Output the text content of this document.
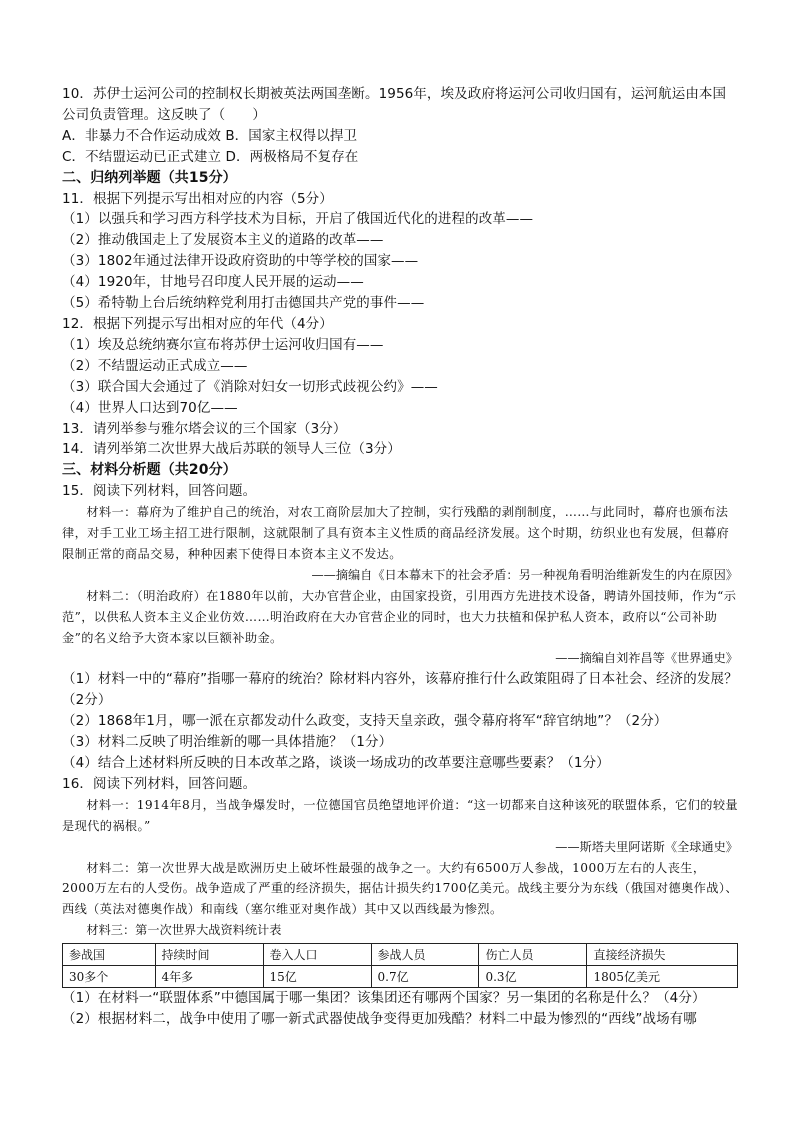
10．苏伊士运河公司的控制权长期被英法两国垄断。1956年，埃及政府将运河公司收归国有，运河航运由本国公司负责管理。这反映了（　　）
A．非暴力不合作运动成效 B．国家主权得以捍卫
C．不结盟运动已正式建立 D．两极格局不复存在
二、归纳列举题（共15分）
11．根据下列提示写出相对应的内容（5分）
（1）以强兵和学习西方科学技术为目标，开启了俄国近代化的进程的改革——
（2）推动俄国走上了发展资本主义的道路的改革——
（3）1802年通过法律开设政府资助的中等学校的国家——
（4）1920年，甘地号召印度人民开展的运动——
（5）希特勒上台后统纳粹党利用打击德国共产党的事件——
12．根据下列提示写出相对应的年代（4分）
（1）埃及总统纳赛尔宣布将苏伊士运河收归国有——
（2）不结盟运动正式成立——
（3）联合国大会通过了《消除对妇女一切形式歧视公约》——
（4）世界人口达到70亿——
13．请列举参与雅尔塔会议的三个国家（3分）
14．请列举第二次世界大战后苏联的领导人三位（3分）
三、材料分析题（共20分）
15．阅读下列材料，回答问题。
材料一：幕府为了维护自己的统治，对农工商阶层加大了控制，实行残酷的剥削制度，……与此同时，幕府也颁布法律，对手工业工场主招工进行限制，这就限制了具有资本主义性质的商品经济发展。这个时期，纺织业也有发展，但幕府限制正常的商品交易，种种因素下使得日本资本主义不发达。
——摘编自《日本幕末下的社会矛盾：另一种视角看明治维新发生的内在原因》
材料二：（明治政府）在1880年以前，大办官营企业，由国家投资，引用西方先进技术设备，聘请外国技师，作为“示范”，以供私人资本主义企业仿效……明治政府在大办官营企业的同时，也大力扶植和保护私人资本，政府以“公司补助金”的名义给予大资本家以巨额补助金。
——摘编自刘祚昌等《世界通史》
（1）材料一中的“幕府”指哪一幕府的统治？除材料内容外，该幕府推行什么政策阻碍了日本社会、经济的发展？（2分）
（2）1868年1月，哪一派在京都发动什么政变，支持天皇亲政，强令幕府将军“辞官纳地”？（2分）
（3）材料二反映了明治维新的哪一具体措施？（1分）
（4）结合上述材料所反映的日本改革之路，谈谈一场成功的改革要注意哪些要素？（1分）
16．阅读下列材料，回答问题。
材料一：1914年8月，当战争爆发时，一位德国官员绝望地评价道：“这一切都来自这种该死的联盟体系，它们的较量是现代的祸根。”
——斯塔夫里阿诺斯《全球通史》
材料二：第一次世界大战是欧洲历史上破坏性最强的战争之一。大约有6500万人参战，1000万左右的人丧生，2000万左右的人受伤。战争造成了严重的经济损失，据估计损失约1700亿美元。战线主要分为东线（俄国对德奥作战）、西线（英法对德奥作战）和南线（塞尔维亚对奥作战）其中又以西线最为惨烈。
材料三：第一次世界大战资料统计表
参战国	持续时间	卷入人口	参战人员	伤亡人员	直接经济损失
30多个	4年多	15亿	0.7亿	0.3亿	1805亿美元
（1）在材料一“联盟体系”中德国属于哪一集团？该集团还有哪两个国家？另一集团的名称是什么？（4分）
（2）根据材料二，战争中使用了哪一新式武器使战争变得更加残酷？材料二中最为惨烈的“西线”战场有哪
